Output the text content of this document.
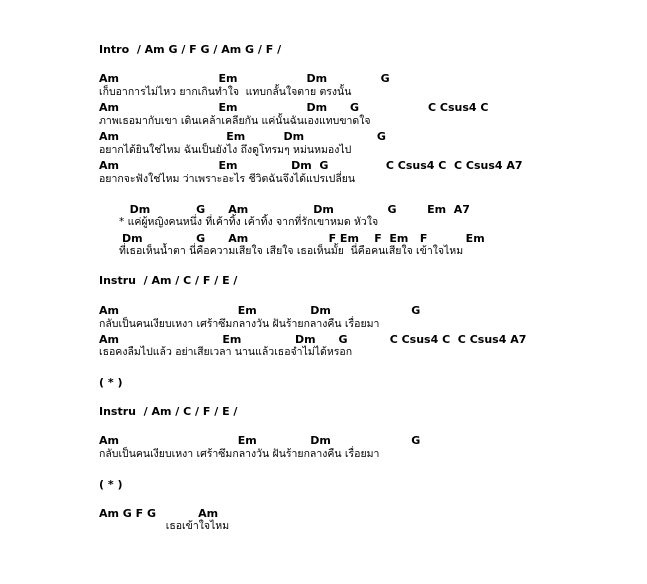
Intro  / Am G / F G / Am G / F /
Am                          Em                  Dm              G
เก็บอาการไม่ไหว ยากเกินทำใจ  แทบกลั้นใจตาย ตรงนั้น
Am                          Em                  Dm      G                  C Csus4 C
ภาพเธอมากับเขา เดินเคล้าเคลียกัน แค่นั้นฉันเองแทบขาดใจ
Am                            Em          Dm                   G
อยากได้ยินใช่ไหม ฉันเป็นยังไง ถึงดูโทรมๆ หม่นหมองไป
Am                          Em              Dm  G               C Csus4 C  C Csus4 A7
อยากจะฟังใช่ไหม ว่าเพราะอะไร ชีวิตฉันจึงได้แปรเปลี่ยน
Dm            G      Am                 Dm              G        Em  A7
* แค่ผู้หญิงคนหนึ่ง ที่เค้าทิ้ง เค้าทิ้ง จากที่รักเขาหมด หัวใจ
Dm              G      Am                     F Em    F  Em   F          Em
ที่เธอเห็นน้ำตา นี่คือความเสียใจ เสียใจ เธอเห็นมั้ย  นี่คือคนเสียใจ เข้าใจไหม
Instru  / Am / C / F / E /
Am                               Em              Dm                     G
กลับเป็นคนเงียบเหงา เศร้าซึมกลางวัน ฝันร้ายกลางคืน เรื่อยมา
Am                           Em              Dm      G           C Csus4 C  C Csus4 A7
เธอคงลืมไปแล้ว อย่าเสียเวลา นานแล้วเธอจำไม่ได้หรอก
( * )
Instru  / Am / C / F / E /
Am                               Em              Dm                     G
กลับเป็นคนเงียบเหงา เศร้าซึมกลางวัน ฝันร้ายกลางคืน เรื่อยมา
( * )
Am G F G           Am
เธอเข้าใจไหม
